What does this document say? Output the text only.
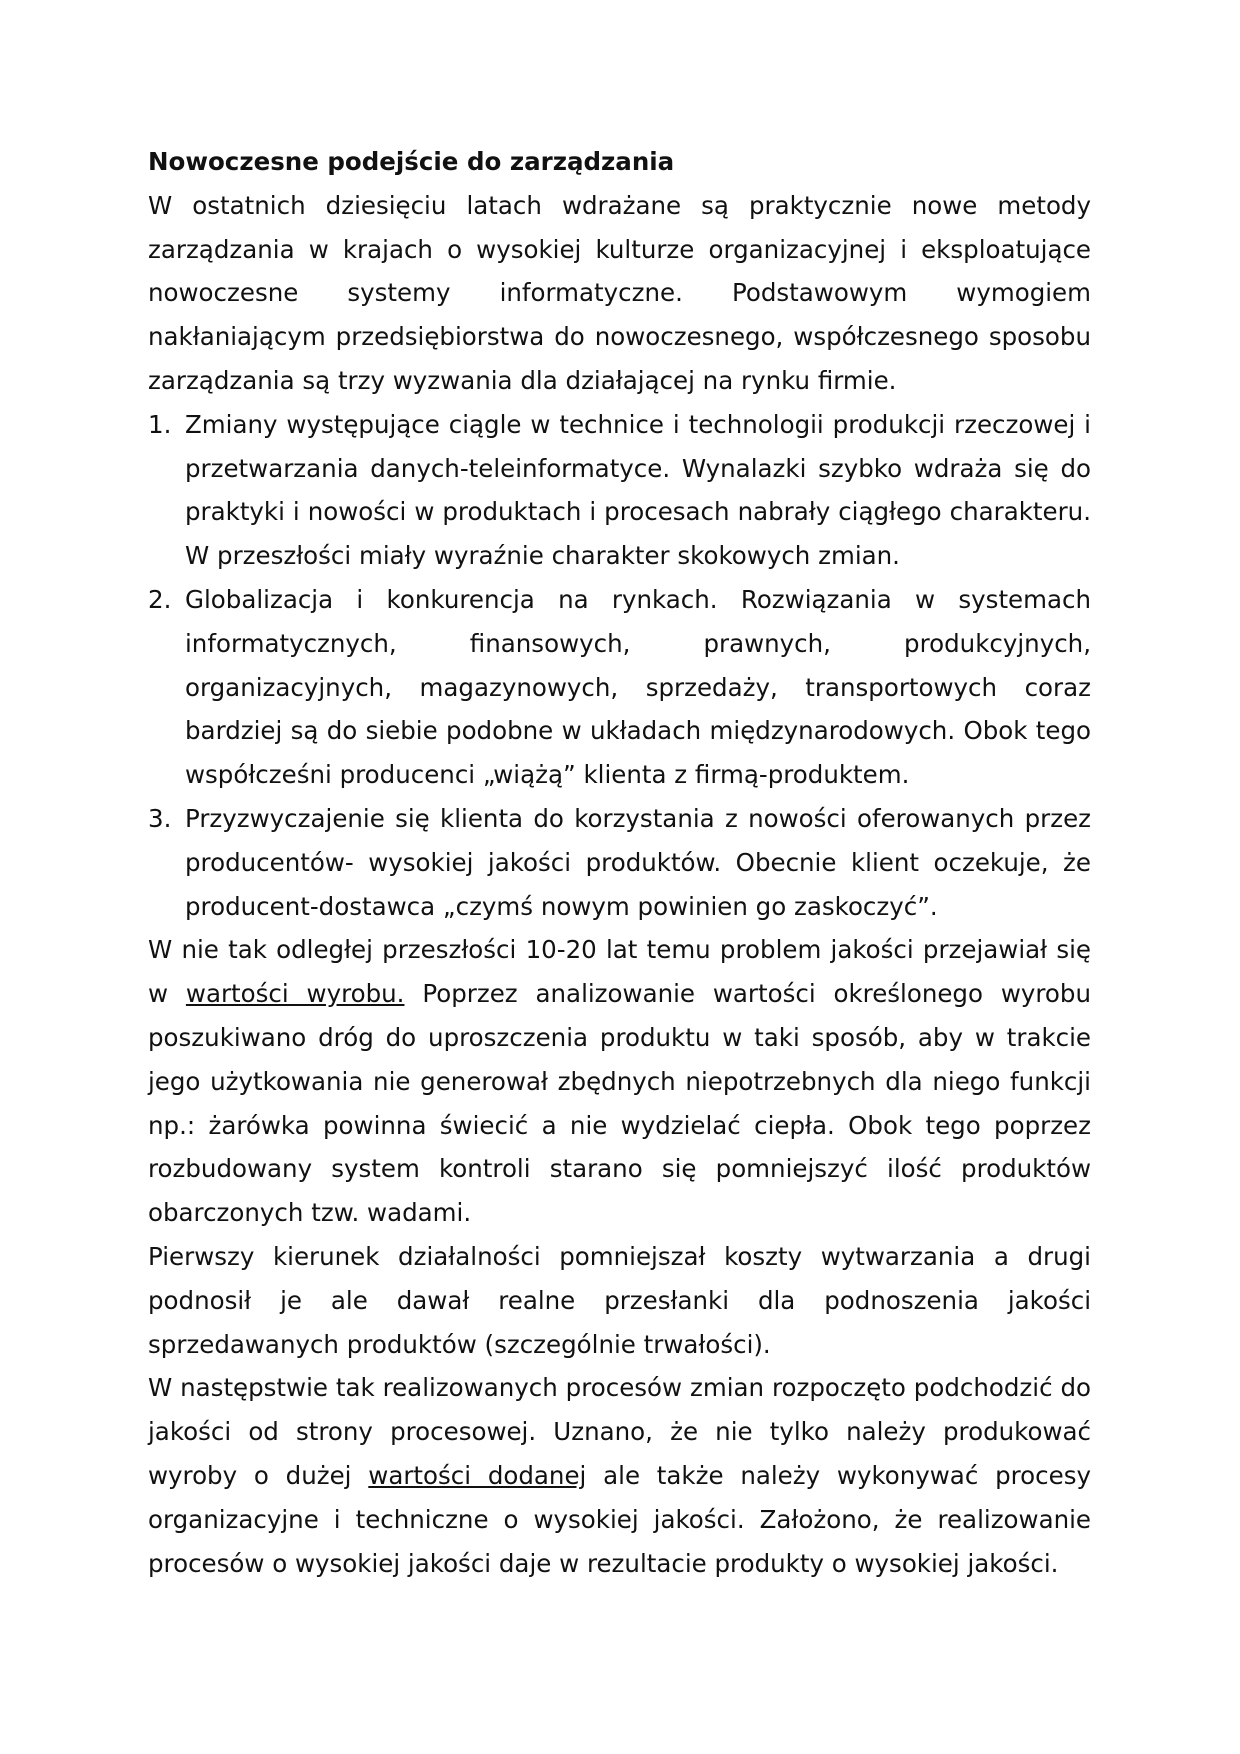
Nowoczesne podejście do zarządzania

W ostatnich dziesięciu latach wdrażane są praktycznie nowe metody zarządzania w krajach o wysokiej kulturze organizacyjnej i eksploatujące nowoczesne systemy informatyczne. Podstawowym wymogiem nakłaniającym przedsiębiorstwa do nowoczesnego, współczesnego sposobu zarządzania są trzy wyzwania dla działającej na rynku firmie.

1. Zmiany występujące ciągle w technice i technologii produkcji rzeczowej i przetwarzania danych-teleinformatyce. Wynalazki szybko wdraża się do praktyki i nowości w produktach i procesach nabrały ciągłego charakteru. W przeszłości miały wyraźnie charakter skokowych zmian.
2. Globalizacja i konkurencja na rynkach. Rozwiązania w systemach informatycznych, finansowych, prawnych, produkcyjnych, organizacyjnych, magazynowych, sprzedaży, transportowych coraz bardziej są do siebie podobne w układach międzynarodowych. Obok tego współcześni producenci „wiążą” klienta z firmą-produktem.
3. Przyzwyczajenie się klienta do korzystania z nowości oferowanych przez producentów- wysokiej jakości produktów. Obecnie klient oczekuje, że producent-dostawca „czymś nowym powinien go zaskoczyć”.

W nie tak odległej przeszłości 10-20 lat temu problem jakości przejawiał się w wartości wyrobu. Poprzez analizowanie wartości określonego wyrobu poszukiwano dróg do uproszczenia produktu w taki sposób, aby w trakcie jego użytkowania nie generował zbędnych niepotrzebnych dla niego funkcji np.: żarówka powinna świecić a nie wydzielać ciepła. Obok tego poprzez rozbudowany system kontroli starano się pomniejszyć ilość produktów obarczonych tzw. wadami.

Pierwszy kierunek działalności pomniejszał koszty wytwarzania a drugi podnosił je ale dawał realne przesłanki dla podnoszenia jakości sprzedawanych produktów (szczególnie trwałości).

W następstwie tak realizowanych procesów zmian rozpoczęto podchodzić do jakości od strony procesowej. Uznano, że nie tylko należy produkować wyroby o dużej wartości dodanej ale także należy wykonywać procesy organizacyjne i techniczne o wysokiej jakości. Założono, że realizowanie procesów o wysokiej jakości daje w rezultacie produkty o wysokiej jakości.
